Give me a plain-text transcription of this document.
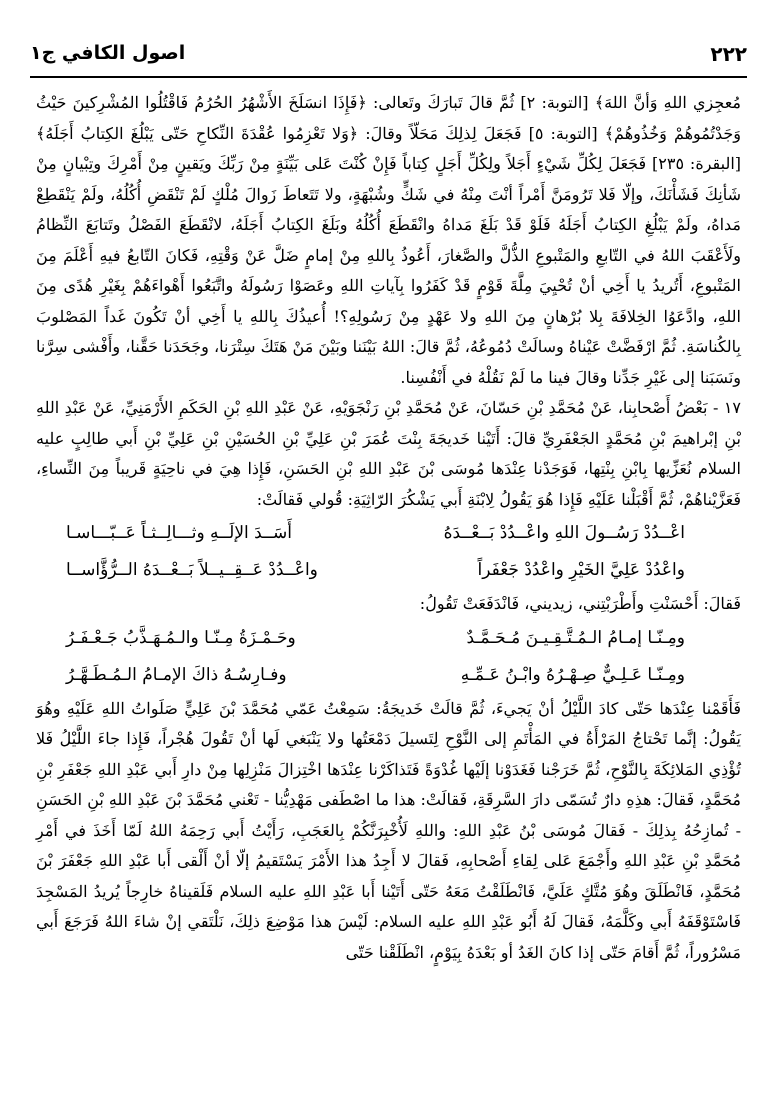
٢٢٢
اصول الكافي ج١

مُعجِزي اللهِ وَأنَّ اللهَ﴾ [التوبة: ٢] ثُمَّ قالَ تَبارَكَ وتَعالى: ﴿فَإِذَا انسَلَخَ الأَشْهُرُ الحُرُمُ فَاقْتُلُوا المُشْرِكينَ حَيْثُ وَجَدْتُمُوهُمْ وَخُذُوهُمْ﴾ [التوبة: ٥] فَجَعَلَ لِذلِكَ مَحَلّاً وقالَ: ﴿وَلا تَعْزِمُوا عُقْدَةَ النِّكاحِ حَتّى يَبْلُغَ الكِتابُ أَجَلَهُ﴾ [البقرة: ٢٣٥] فَجَعَلَ لِكُلِّ شَيْءٍ أَجَلاً ولِكُلِّ أَجَلٍ كِتاباً فَإِنْ كُنْتَ عَلى بَيِّنَةٍ مِنْ رَبِّكَ ويَقينٍ مِنْ أَمْرِكَ وتِبْيانٍ مِنْ شَأنِكَ فَشَأْنَكَ، وإلّا فَلا تَرُومَنَّ أَمْراً أنْتَ مِنْهُ في شَكٍّ وشُبْهَةٍ، ولا تَتَعاطَ زَوالَ مُلْكٍ لَمْ تَنْقَضِ أُكُلُهُ، ولَمْ يَنْقَطِعْ مَداهُ، ولَمْ يَبْلُغِ الكِتابُ أَجَلَهُ فَلَوْ قَدْ بَلَغَ مَداهُ وانْقَطَعَ أُكُلُهُ وبَلَغَ الكِتابُ أَجَلَهُ، لانْقَطَعَ الفَصْلُ وتَتابَعَ النِّظامُ ولَأَعْقَبَ اللهُ في التّابعِ والمَتْبوعِ الذُّلَّ والصَّغارَ، أَعُوذُ بِاللهِ مِنْ إمامٍ ضَلَّ عَنْ وَقْتِهِ، فَكانَ التّابعُ فيهِ أَعْلَمَ مِنَ المَتْبوعِ، أَتُريدُ يا أَخِي أنْ تُحْيِيَ مِلَّةَ قَوْمٍ قَدْ كَفَرُوا بِآياتِ اللهِ وعَصَوْا رَسُولَهُ واتَّبَعُوا أَهْواءَهُمْ بِغَيْرِ هُدًى مِنَ اللهِ، وادَّعَوُا الخِلافَةَ بِلا بُرْهانٍ مِنَ اللهِ ولا عَهْدٍ مِنْ رَسُولِهِ؟! أُعيذُكَ بِاللهِ يا أَخِي أنْ تَكُونَ غَداً المَصْلوبَ بِالكُناسَةِ. ثُمَّ ارْفَضَّتْ عَيْناهُ وسالَتْ دُمُوعُهُ، ثُمَّ قالَ: اللهُ بَيْنَنا وبَيْنَ مَنْ هَتَكَ سِتْرَنا، وجَحَدَنا حَقَّنا، وأَفْشى سِرَّنا ونَسَبَنا إلى غَيْرِ جَدِّنا وقالَ فينا ما لَمْ نَقُلْهُ في أَنْفُسِنا.

١٧ - بَعْضُ أَصْحابِنا، عَنْ مُحَمَّدِ بْنِ حَسّانَ، عَنْ مُحَمَّدِ بْنِ رَنْجَوَيْهِ، عَنْ عَبْدِ اللهِ بْنِ الحَكَمِ الأَرْمَنِيِّ، عَنْ عَبْدِ اللهِ بْنِ إبْراهيمَ بْنِ مُحَمَّدٍ الجَعْفَرِيِّ قالَ: أَتَيْنا خَديجَةَ بِنْتَ عُمَرَ بْنِ عَلِيِّ بْنِ الحُسَيْنِ بْنِ عَلِيِّ بْنِ أَبي طالِبٍ عليه السلام نُعَزِّيها بِابْنِ بِنْتِها، فَوَجَدْنا عِنْدَها مُوسَى بْنَ عَبْدِ اللهِ بْنِ الحَسَنِ، فَإِذا هِيَ في ناحِيَةٍ قَريباً مِنَ النِّساءِ، فَعَزَّيْناهُمْ، ثُمَّ أَقْبَلْنا عَلَيْهِ فَإِذا هُوَ يَقُولُ لِابْنَةِ أَبي يَشْكُرَ الرّاثِيَةِ: قُولي فَقالَتْ:

اعْــدُدْ رَسُــولَ اللهِ واعْــدُدْ بَــعْــدَهُ
أَسَــدَ الإلَــهِ وثـــالِــثـاً عَــبّـــاسـا
واعْدُدْ عَلِيَّ الخَيْرِ واعْدُدْ جَعْفَراً
واعْــدُدْ عَــقِــيــلاً بَــعْــدَهُ الــرُّؤَّاســا

فَقالَ: أَحْسَنْتِ وأَطْرَبْتِني، زيديني، فَانْدَفَعَتْ تَقُولُ:

ومِـنّـا إمـامُ الـمُـتَّـقِـيـنَ مُـحَـمَّـدٌ
وحَـمْـزَةُ مِـنّـا والـمُـهَـذَّبُ جَـعْـفَـرُ
ومِـنّـا عَـلِـيٌّ صِـهْـرُهُ وابْـنُ عَـمِّـهِ
وفـارِسُـهُ ذاكَ الإمـامُ الـمُـطَـهَّـرُ

فَأَقَمْنا عِنْدَها حَتّى كادَ اللَّيْلُ أنْ يَجيءَ، ثُمَّ قالَتْ خَديجَةُ: سَمِعْتُ عَمّي مُحَمَّدَ بْنَ عَلِيٍّ صَلَواتُ اللهِ عَلَيْهِ وهُوَ يَقُولُ: إنَّما تَحْتاجُ المَرْأَةُ في المَأْتَمِ إلى النَّوْحِ لِتَسيلَ دَمْعَتُها ولا يَنْبَغي لَها أنْ تَقُولَ هُجْراً، فَإِذا جاءَ اللَّيْلُ فَلا تُؤْذِي المَلائِكَةَ بِالنَّوْحِ، ثُمَّ خَرَجْنا فَغَدَوْنا إلَيْها غُدْوَةً فَتَذاكَرْنا عِنْدَها اخْتِزالَ مَنْزِلِها مِنْ دارِ أَبي عَبْدِ اللهِ جَعْفَرِ بْنِ مُحَمَّدٍ، فَقالَ: هذِهِ دارٌ تُسَمّى دارَ السَّرِقَةِ، فَقالَتْ: هذا ما اصْطَفى مَهْدِيُّنا - تَعْني مُحَمَّدَ بْنَ عَبْدِ اللهِ بْنِ الحَسَنِ - تُمازِحُهُ بِذلِكَ - فَقالَ مُوسَى بْنُ عَبْدِ اللهِ: واللهِ لَأُخْبِرَنَّكُمْ بِالعَجَبِ، رَأَيْتُ أَبي رَحِمَهُ اللهُ لَمّا أَخَذَ في أَمْرِ مُحَمَّدِ بْنِ عَبْدِ اللهِ وأَجْمَعَ عَلى لِقاءِ أَصْحابِهِ، فَقالَ لا أَجِدُ هذا الأَمْرَ يَسْتَقيمُ إلّا أنْ أَلْقى أَبا عَبْدِ اللهِ جَعْفَرَ بْنَ مُحَمَّدٍ، فَانْطَلَقَ وهُوَ مُتَّكٍ عَلَيَّ، فَانْطَلَقْتُ مَعَهُ حَتّى أَتَيْنا أَبا عَبْدِ اللهِ عليه السلام فَلَقيناهُ خارِجاً يُريدُ المَسْجِدَ فَاسْتَوْقَفَهُ أَبي وكَلَّمَهُ، فَقالَ لَهُ أَبُو عَبْدِ اللهِ عليه السلام: لَيْسَ هذا مَوْضِعَ ذلِكَ، نَلْتَقي إنْ شاءَ اللهُ فَرَجَعَ أَبي مَسْرُوراً، ثُمَّ أَقامَ حَتّى إذا كانَ الغَدُ أو بَعْدَهُ بِيَوْمٍ، انْطَلَقْنا حَتّى
